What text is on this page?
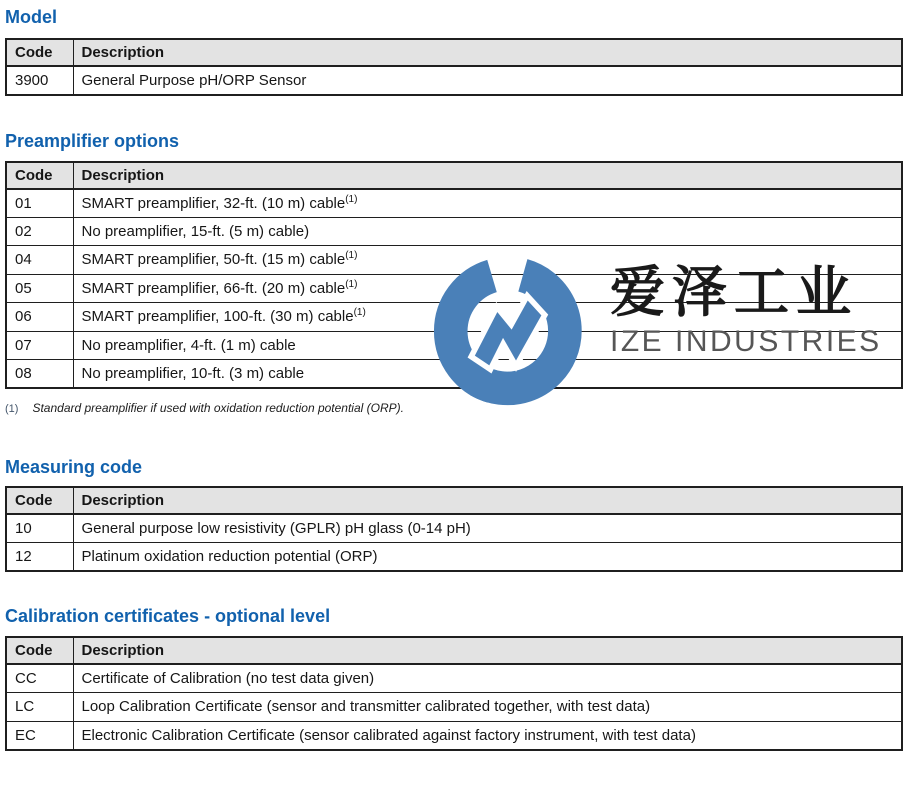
Model
Code	Description
3900	General Purpose pH/ORP Sensor
Preamplifier options
Code	Description
01	SMART preamplifier, 32-ft. (10 m) cable$^{(1)}$
02	No preamplifier, 15-ft. (5 m) cable)
04	SMART preamplifier, 50-ft. (15 m) cable$^{(1)}$
05	SMART preamplifier, 66-ft. (20 m) cable$^{(1)}$
06	SMART preamplifier, 100-ft. (30 m) cable$^{(1)}$
07	No preamplifier, 4-ft. (1 m) cable
08	No preamplifier, 10-ft. (3 m) cable
(1) Standard preamplifier if used with oxidation reduction potential (ORP).
Measuring code
Code	Description
10	General purpose low resistivity (GPLR) pH glass (0-14 pH)
12	Platinum oxidation reduction potential (ORP)
Calibration certificates - optional level
Code	Description
CC	Certificate of Calibration (no test data given)
LC	Loop Calibration Certificate (sensor and transmitter calibrated together, with test data)
EC	Electronic Calibration Certificate (sensor calibrated against factory instrument, with test data)
爱泽工业
IZE INDUSTRIES
